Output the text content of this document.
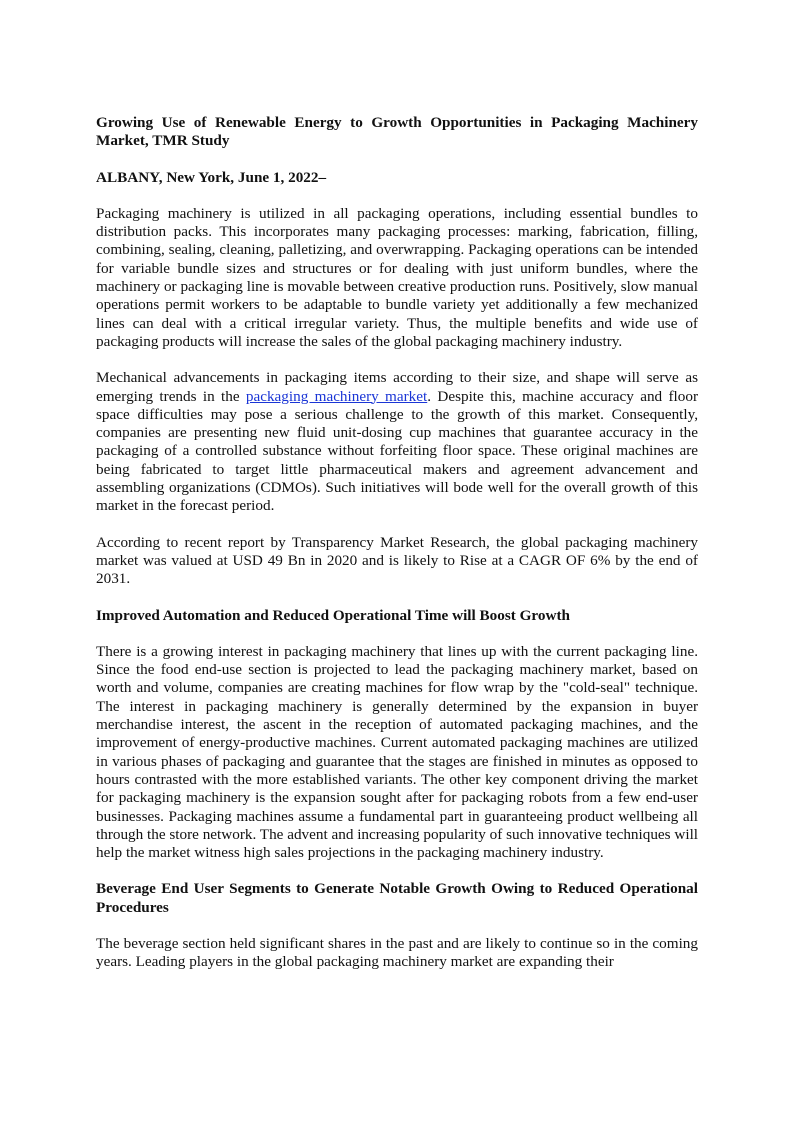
Growing Use of Renewable Energy to Growth Opportunities in Packaging Machinery Market, TMR Study

ALBANY, New York, June 1, 2022–

Packaging machinery is utilized in all packaging operations, including essential bundles to distribution packs. This incorporates many packaging processes: marking, fabrication, filling, combining, sealing, cleaning, palletizing, and overwrapping. Packaging operations can be intended for variable bundle sizes and structures or for dealing with just uniform bundles, where the machinery or packaging line is movable between creative production runs. Positively, slow manual operations permit workers to be adaptable to bundle variety yet additionally a few mechanized lines can deal with a critical irregular variety. Thus, the multiple benefits and wide use of packaging products will increase the sales of the global packaging machinery industry.

Mechanical advancements in packaging items according to their size, and shape will serve as emerging trends in the packaging machinery market. Despite this, machine accuracy and floor space difficulties may pose a serious challenge to the growth of this market. Consequently, companies are presenting new fluid unit-dosing cup machines that guarantee accuracy in the packaging of a controlled substance without forfeiting floor space. These original machines are being fabricated to target little pharmaceutical makers and agreement advancement and assembling organizations (CDMOs). Such initiatives will bode well for the overall growth of this market in the forecast period.

According to recent report by Transparency Market Research, the global packaging machinery market was valued at USD 49 Bn in 2020 and is likely to Rise at a CAGR OF 6% by the end of 2031.

Improved Automation and Reduced Operational Time will Boost Growth

There is a growing interest in packaging machinery that lines up with the current packaging line. Since the food end-use section is projected to lead the packaging machinery market, based on worth and volume, companies are creating machines for flow wrap by the "cold-seal" technique. The interest in packaging machinery is generally determined by the expansion in buyer merchandise interest, the ascent in the reception of automated packaging machines, and the improvement of energy-productive machines. Current automated packaging machines are utilized in various phases of packaging and guarantee that the stages are finished in minutes as opposed to hours contrasted with the more established variants. The other key component driving the market for packaging machinery is the expansion sought after for packaging robots from a few end-user businesses. Packaging machines assume a fundamental part in guaranteeing product wellbeing all through the store network. The advent and increasing popularity of such innovative techniques will help the market witness high sales projections in the packaging machinery industry.

Beverage End User Segments to Generate Notable Growth Owing to Reduced Operational Procedures

The beverage section held significant shares in the past and are likely to continue so in the coming years. Leading players in the global packaging machinery market are expanding their
